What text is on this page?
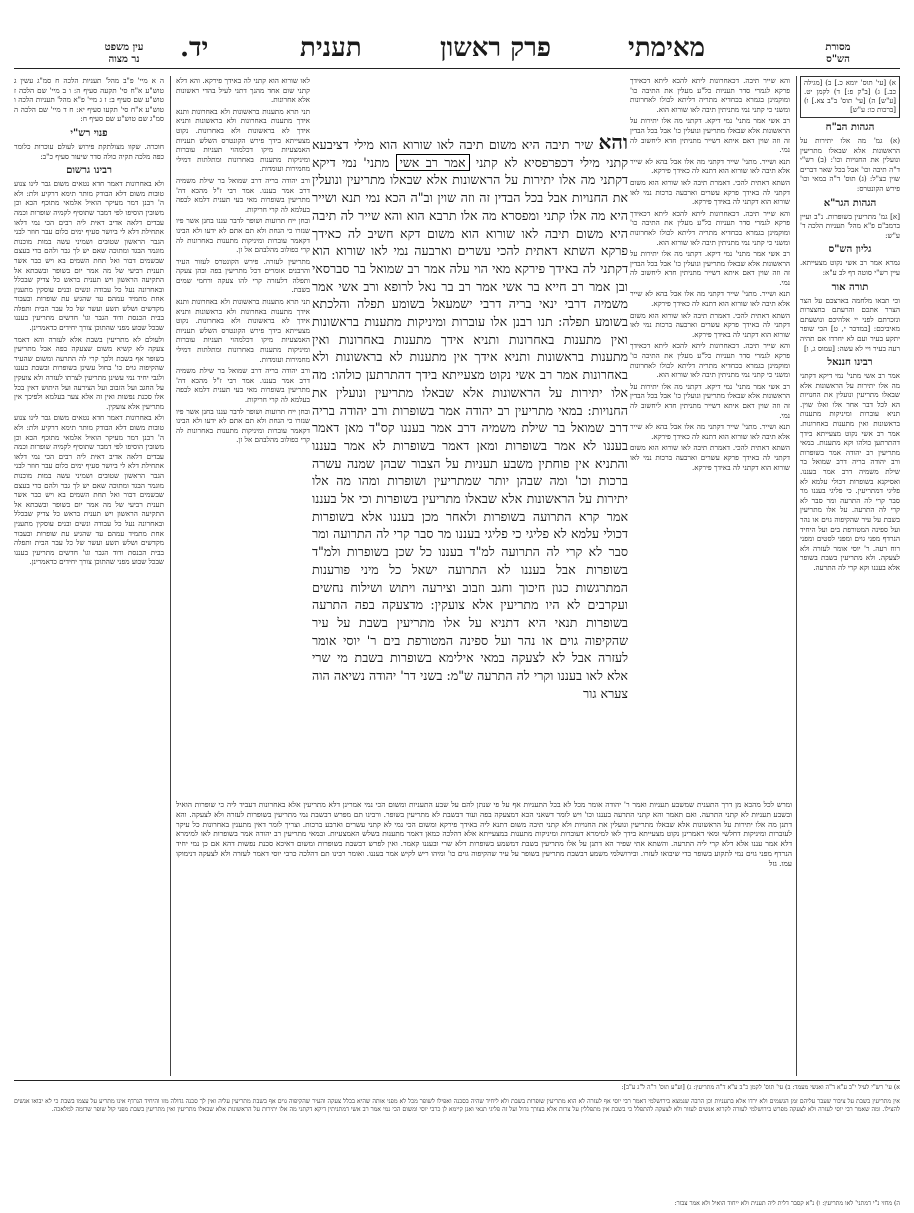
עין משפט
נר מצוה	יד.	תענית	פרק ראשון	מאימתי	מסורת
הש"ס
א) [עי' תוס' יומא כ.] ב) [מגילה כב.] ג) [ב"ק פ:] ד) לקמן יט. [ע"ש] ה) [עי' תוס' ב"ב צא.] ו) [ברכות כו: ע"ש]
הגהות הב"ח

(א) גמ' מה אלו יתירות על הראשונות אלא שבאלו מתריעין ונועלין את החנויות וכו': (ב) רש"י ד"ה תיבה וכו' אבל בכל שאר דברים שוין כצ"ל: (ג) תוס' ד"ה במאי וכו' פירש הקונטרס:

הגהות הגר"א

[א] גמ' מתריעין בשופרות. נ"ב ועיין ברמב"ם פ"א מהל' תעניות הלכה ד' ע"ש:

גליון הש"ס

גמרא אמר רב אשי נקוט מצעייתא. עיין רש"י סוטה דף לב ע"א:

תורה אור

וכי תבאו מלחמה בארצכם על הצר הצרר אתכם והרעתם בחצצרות ונזכרתם לפני יי אלהיכם ונושעתם מאיביכם: [במדבר י, ט] הכי שופר יתקע בעיר ועם לא יחרדו אם תהיה רעה בעיר ויי לא עשה: [עמוס ג, ו]

רבינו חננאל

אמר רב אשי מתני' נמי דיקא דקתני מה אלו יתירות על הראשונות אלא שבאלו מתריעין ונועלין את החנויות הא לכל דבר אחר אלו ואלו שוין. תניא עוברות ומיניקות מתענות בראשונות ואין מתענות באחרונות. אמר רב אשי נקוט מצעייתא בידך דהתרתען כולהו וקא מתענות. במאי מתריעין רב יהודה אמר בשופרות ורב יהודה בריה דרב שמואל בר שילת משמיה דרב אמר בעננו. ואסיקנא בשופרות דכולי עלמא לא פליגי דמתריעין. כי פליגי בעננו מר סבר קרי לה התרעה ומר סבר לא קרי לה התרעה. על אלו מתריעין בשבת על עיר שהקיפוה גוים או נהר ועל ספינה המטורפת בים ועל היחיד הנרדף מפני גוים ומפני לסטים ומפני רוח רעה. ר' יוסי אומר לעזרה ולא לצעקה. ולא מתריעין בשבת בשופר אלא בעננו וקא קרי לה התרעה.

והא שייר תיבה. דכאחרונות ליתא להכא ליתא דכאידך פרקא לגמרי סדר תעניות כל"ע מעלין את התיבה כו' ומוקמינן בגמרא בכחדיא מתריה דליתא לכולו לאחרונות ומשני כי קתני נמי מתניתין תיבה לאו שורוא הוא.

רב אשי אמר מתני' נמי דיקא. דקתני מה אלו יתירות על הראשונות אלא שבאלו מתריעין ונועלין כו' אבל בכל הבדין זה וזה שוין דאם איתא דשייר מתניתין חדא ליחשוב לה נמי.

תנא ושייר. מתני' שייר דקתני מה אלו אבל בהא לא שייר אלא תיבה לאו שורוא הוא דתנא לה כאידך פירקא.

השתא דאתית להכי. דאמרת תיבה לאו שורוא הוא משום דקתני לה באידך פרקא עשרים וארבעה ברכות נמי לאו שורוא הוא דקתני לה באידך פירקא.

והא שייר תיבה. דכאחרונות ליתא להכא ליתא דכאידך פרקא לגמרי סדר תעניות כל"ע מעלין את התיבה כו' ומוקמינן בגמרא בכחדיא מתריה דליתא לכולו לאחרונות ומשני כי קתני נמי מתניתין תיבה לאו שורוא הוא.

רב אשי אמר מתני' נמי דיקא. דקתני מה אלו יתירות על הראשונות אלא שבאלו מתריעין ונועלין כו' אבל בכל הבדין זה וזה שוין דאם איתא דשייר מתניתין חדא ליחשוב לה נמי.

תנא ושייר. מתני' שייר דקתני מה אלו אבל בהא לא שייר אלא תיבה לאו שורוא הוא דתנא לה כאידך פירקא.

השתא דאתית להכי. דאמרת תיבה לאו שורוא הוא משום דקתני לה באידך פרקא עשרים וארבעה ברכות נמי לאו שורוא הוא דקתני לה באידך פירקא.

והא שייר תיבה. דכאחרונות ליתא להכא ליתא דכאידך פרקא לגמרי סדר תעניות כל"ע מעלין את התיבה כו' ומוקמינן בגמרא בכחדיא מתריה דליתא לכולו לאחרונות ומשני כי קתני נמי מתניתין תיבה לאו שורוא הוא.

רב אשי אמר מתני' נמי דיקא. דקתני מה אלו יתירות על הראשונות אלא שבאלו מתריעין ונועלין כו' אבל בכל הבדין זה וזה שוין דאם איתא דשייר מתניתין חדא ליחשוב לה נמי.

תנא ושייר. מתני' שייר דקתני מה אלו אבל בהא לא שייר אלא תיבה לאו שורוא הוא דתנא לה כאידך פירקא.

השתא דאתית להכי. דאמרת תיבה לאו שורוא הוא משום דקתני לה באידך פרקא עשרים וארבעה ברכות נמי לאו שורוא הוא דקתני לה באידך פירקא.

לאו שורוא הוא קתני לה באידך פירקא. והא דלא קתני שום אחד מהנך דתני לעיל בהדי ראשונות אלא אחרונות.

תני תרא מתענות בראשונות ולא באחרונות ותנא אידך מתענות באחרונות ולא בראשונות ותניא אידך לא בראשונות ולא באחרונות. נקוט מצעייתא בידך פירש הקונטרס השלש תעניות האמצעיות מיקו דכלמהוי תעניות עוברות ומיניקות מתענות באחרונות ומתלתות דמילי מחמירות ועומדות.

ורב יהודה בריה דרב שמואל בר שילת משמיה דרב אמר בעננו. אמר רבי ז"ל מהכא דה' מתריעין בשופרות מאי בעי תענית דלמא לבפה בעלמא לה קרי חריקות.

ובחן ייח תרועות ושופר לדבר עננו בחנן אשר פיו שנזרו כי הנחת ולא תם אתם לא ידעו ולא הבינו דקאמר עוברות ומיניקות מתענות באחרונות לה קרי כפולוב מהלבהם אל זן.

מתריעין לעזרה. פירש הקונטרס לעזור העיר והרבנים אומרים דכל מתריעין בפה ובהן צעקה ותפלה דלעזרה קרי להו צעקה ורחמי שמים בשבת.

תני תרא מתענות בראשונות ולא באחרונות ותנא אידך מתענות באחרונות ולא בראשונות ותניא אידך לא בראשונות ולא באחרונות. נקוט מצעייתא בידך פירש הקונטרס השלש תעניות האמצעיות מיקו דכלמהוי תעניות עוברות ומיניקות מתענות באחרונות ומתלתות דמילי מחמירות ועומדות.

ורב יהודה בריה דרב שמואל בר שילת משמיה דרב אמר בעננו. אמר רבי ז"ל מהכא דה' מתריעין בשופרות מאי בעי תענית דלמא לבפה בעלמא לה קרי חריקות.

ובחן ייח תרועות ושופר לדבר עננו בחנן אשר פיו שנזרו כי הנחת ולא תם אתם לא ידעו ולא הבינו דקאמר עוברות ומיניקות מתענות באחרונות לה קרי כפולוב מהלבהם אל זן.

והא שיר תיבה היא משום תיבה לאו שורוא הוא מילי דציבעא קתני מילי דכפרפסיא לא קתני אמר רב אשי מתני' נמי דיקא דקתני מה אלו יתירות על הראשונות אלא שבאלו מתריעין ונועלין את החנויות אבל בכל הבדין זה וזה שוין וב"ה הכא נמי תנא ושייר היא מה אלו קתני ומפסרא מה אלו תרבא הוא והא שייר לה תיבה היא משום תיבה לאו שורוא הוא משום דקא חשיב לה כאידך פרקא השתא דאתית להכי עשרים וארבעה נמי לאו שורוא הוא דקתני לה באידך פירקא מאי הוי עלה אמר רב שמואל בר סברסאי ובן אמר רב חייא בר אשי אמר רב בר נאל לרופא ורב אשי אמר משמיה דרבי ינאי בריה דרבי ישמעאל בשומע תפלה והלכתא בשומע תפלה: תנו רבנן אלו עוברות ומיניקות מתענות בראשונות ואין מתענות באחרונות ותניא אידך מתענות באחרונות ואין מתענות בראשונות ותניא אידך אין מתענות לא בראשונות ולא באחרונות אמר רב אשי נקוט מצעייתא בידך דהתרתען כולהו: מה אלו יתירות על הראשונות אלא שבאלו מתריעין ונועלין את החנויות: במאי מתריעין רב יהודה אמר בשופרות ורב יהודה בריה דרב שמואל בר שילת משמיה דרב אמר בעננו קס"ד מאן דאמר בעננו לא אמר בשופרות ומאן דאמר בשופרות לא אמר בעננו והתניא אין פוחתין משבע תעניות על הצבור שבהן שמנה עשרה ברכות וכו' ומה שבהן יותר שמתריעין ושופרות ומהו מה אלו יתירות על הראשונות אלא שבאלו מתריעין בשופרות וכי אל בעננו אמר קרא התרועה בשופרות ולאחר מכן בעננו אלא בשופרות דכולי עלמא לא פליגי כי פליגי בעננו מר סבר קרי לה התרועה ומר סבר לא קרי לה התרועה למ"ד בעננו כל שכן בשופרות ולמ"ד בשופרות אבל בעננו לא התרועה ישאל כל מיני פורענות המתרגשות כגון חיכוך וחגב וזבוב וצירעה ויתוש ושילוח נחשים ועקרבים לא היו מתריעין אלא צועקין: מדצעקה בפה התרעה בשופרות תנאי היא דתניא על אלו מתריעין בשבת על עיר שהקיפוה גוים או נהר ועל ספינה המטורפת בים ר' יוסי אומר לעזרה אבל לא לצעקה במאי אילימא בשופרות בשבת מי שרי אלא לאו בעננו וקרי לה התרעה ש"מ: בשני דר' יהודה נשיאה הוה צערא גור

ה א מיי' פ"ב מהל' תעניות הלכה ח סמ"ג עשין ג טוש"ע א"ח סי' תקעה סעיף ה: ו ב מיי' שם הלכה ז טוש"ע שם סעיף ב: ז ג מיי' פ"א מהל' תעניות הלכה ו טוש"ע א"ח סי' תקעו סעיף יא: ח ד מיי' שם הלכה ה סמ"ג שם טוש"ע שם סעיף ח:

פנוי רש"י

חוכרה. שקוו מצולתקת פירוש לעולם עוכרות כלומר כפה מלכה תקיה כולה סדר שיעור סעיף כ"ב:

רבינו גרשום

ולא באחרונות דאמר חדא נטאים משום גבר לינו צנוע טובות משום דלא הבודק מותר תימא דרקיע ולת: ולא ה' רבנן דמר מעיקר הואיל אלמאי מתוכף הכא וכן משובין הוסיפו לפי דמבר שתוסיף לקמיה שופרות וכמה עבדים דלאה אדיב דאית ליה רבים הכי נמי דלאו אתחילת דלא לי ביושר סעיף ימים כלום עבר חוזר לבני הגבר הראשון שטובים ושמיני עשה במות מוכנות מוגמר הבגד ומתוכה שאם יש לך גבר ולהם כדי בעצם שבשמים דבור ואל תחת השמים בא ויש כבר אשר תענית רביעי של מה אמר יום בשופר ובשבתא אל התקיעה הראשון ויש תענית בראש כל צדיק שבכלל ובאחרונה נעל כל עבודה ונשים ובנים עוסקין מתענין אחת מתמיד עמהם עד שהגיע עת שופרות ובעבור מקדשים ושלש תשע ועשר של כל עבר הבית ותפלה בבית הכנסת ודוד הגבר וגו' חדשים מתריעין בעננו שבכל שבוע מפני שהתוכן צורך יחידים כדאמרינן.

ולעולם לא מתריעין בשבת אלא לעזרה והא דאמר צעקה לא קשיא משום שצעקה בפה אבל מתריעין בשופר אף בשבת ולכך קרי לה התרעה ומשום שהעיר שהקיפוה גוים כו' בחול עשינן בשופרות ובשבת בעננו ולגבי יחיד נמי עשינן מתריעין לצרתו לעזרה ולא צועקין על החגב ועל הזבוב ועל הצירעה ועל היתוש דאין בכל אלו סכנת נפשות ואין זה אלא צער בעלמא ולפיכך אין מתריעין אלא צועקין.

ולא באחרונות דאמר חדא נטאים משום גבר לינו צנוע טובות משום דלא הבודק מותר תימא דרקיע ולת: ולא ה' רבנן דמר מעיקר הואיל אלמאי מתוכף הכא וכן משובין הוסיפו לפי דמבר שתוסיף לקמיה שופרות וכמה עבדים דלאה אדיב דאית ליה רבים הכי נמי דלאו אתחילת דלא לי ביושר סעיף ימים כלום עבר חוזר לבני הגבר הראשון שטובים ושמיני עשה במות מוכנות מוגמר הבגד ומתוכה שאם יש לך גבר ולהם כדי בעצם שבשמים דבור ואל תחת השמים בא ויש כבר אשר תענית רביעי של מה אמר יום בשופר ובשבתא אל התקיעה הראשון ויש תענית בראש כל צדיק שבכלל ובאחרונה נעל כל עבודה ונשים ובנים עוסקין מתענין אחת מתמיד עמהם עד שהגיע עת שופרות ובעבור מקדשים ושלש תשע ועשר של כל עבר הבית ותפלה בבית הכנסת ודוד הגבר וגו' חדשים מתריעין בעננו שבכל שבוע מפני שהתוכן צורך יחידים כדאמרינן.

ומרש לכל מהכא מן דרך התענית שמשבע תעניות ואמר ר' יהודה אומר מכל לא בכל התעניות אף על פי שנתן להם על שבע התעניות ומשום הכי נמי אמרינן דלא מתריעין אלא באחרונות דעביד ליה כי שופרות הואיל ובשבע תעניות לא קתני התרעה. ואם תאמר והא קתני התרעה בעננו וכו' ויש לומר דשאני הכא דמצעקה בפה ועוד דבשבת לא מתריעין בשופר. ורבינו תם מפרש דבשבת נמי מתריעין בשופרות לעזרה ולא לצעקה. והא דתנן מה אלו יתירות על הראשונות אלא שבאלו מתריעין ונועלין את החנויות ולא קתני תיבה משום דתנא ליה באידך פירקא ומשום הכי נמי לא קתני עשרים וארבע ברכות. וצריך לומר דאין מתענין באחרונות כל עיקר לעוברות ומיניקות דחלשי ומאי דאמרינן נקוט מצעייתא בידך לאו למימרא דעוברות ומיניקות מתענות במצעייתא אלא דהלכה כמאן דאמר מתענות בשלש האמצעיות. ובמאי מתריעין רב יהודה אמר בשופרות לאו למימרא דלא אמר עננו אלא דלא קרי ליה התרעה. והשתא אתי שפיר הא דתנן על אלו מתריעין בשבת דמשמע בשופרות דלא שרי ובעננו קאמר. ואין לפרש דבשבת בשופרות ומשום דאיכא סכנת נפשות דהא אם כן נמי יחיד הנרדף מפני גוים נמי לתקוע בשופר כדי שיבואו לעזרו. ובירושלמי משמע דבשבת מתריעין בשופר על עיר שהקיפוה גוים כו' ומיהו ריש לקיש אמר בעננו. ואומר רבינו תם דהלכה כרבי יוסי דאמר לעזרה ולא לצעקה דנימוקו עמו. גזל
א) עי' רש"י לעיל י"ב ע"א ד"ה ואנשי מעמד: ב) עי' תוס' לקמן כ"ב ע"א ד"ה מתריעין: ג) [וע"ע תוס' ר"ה ל"ג ע"ב]:
אין מתריעין בשבת על ציבור שעבר עליהם זמן הגשמים ולא ירדו אלא בתעניות וכן הרבה שנמצא בירושלמי דאמר רבי יוסי אף לעזרה לא הוא מתריעין שופרות בשבת ולא ליחיד שהיה בסכנה ואפילו לשופר מכל לא מפני אותה שהיא בכלל צעקה והעיר שהקיפוה גוים אף בשבת מתריעין עליה ואין לך סכנה גדולה מזו והיחיד הנרדף אינו מתריע על עצמו בשבת כי לא יבואו אנשים להצילו. ומה שאמר רבי יוסי לעזרה ולא לצעקה מפרש בירושלמי לעזרה לקרוא אנשים לעזור ולא לצעקה להתפלל כי בשבת אין מתפללין על צרות אלא בצורך גדול ועל זה פליגי תנאי ואנן קיימא לן כרבי יוסי ומשום הכי נמי אמר רב אשי דמתניתין דיקא דקתני מה אלו יתירות על הראשונות אלא שבאלו מתריעין ואין מתריעין בשבת מפני קול שופר שדומה למלאכה.
ה) מחזי נ"י דמתני' לאו מתריעין: ו) נ"א קסבר דלית ליה תענית ולא ייחוד הואיל ולא אמר צבור:
